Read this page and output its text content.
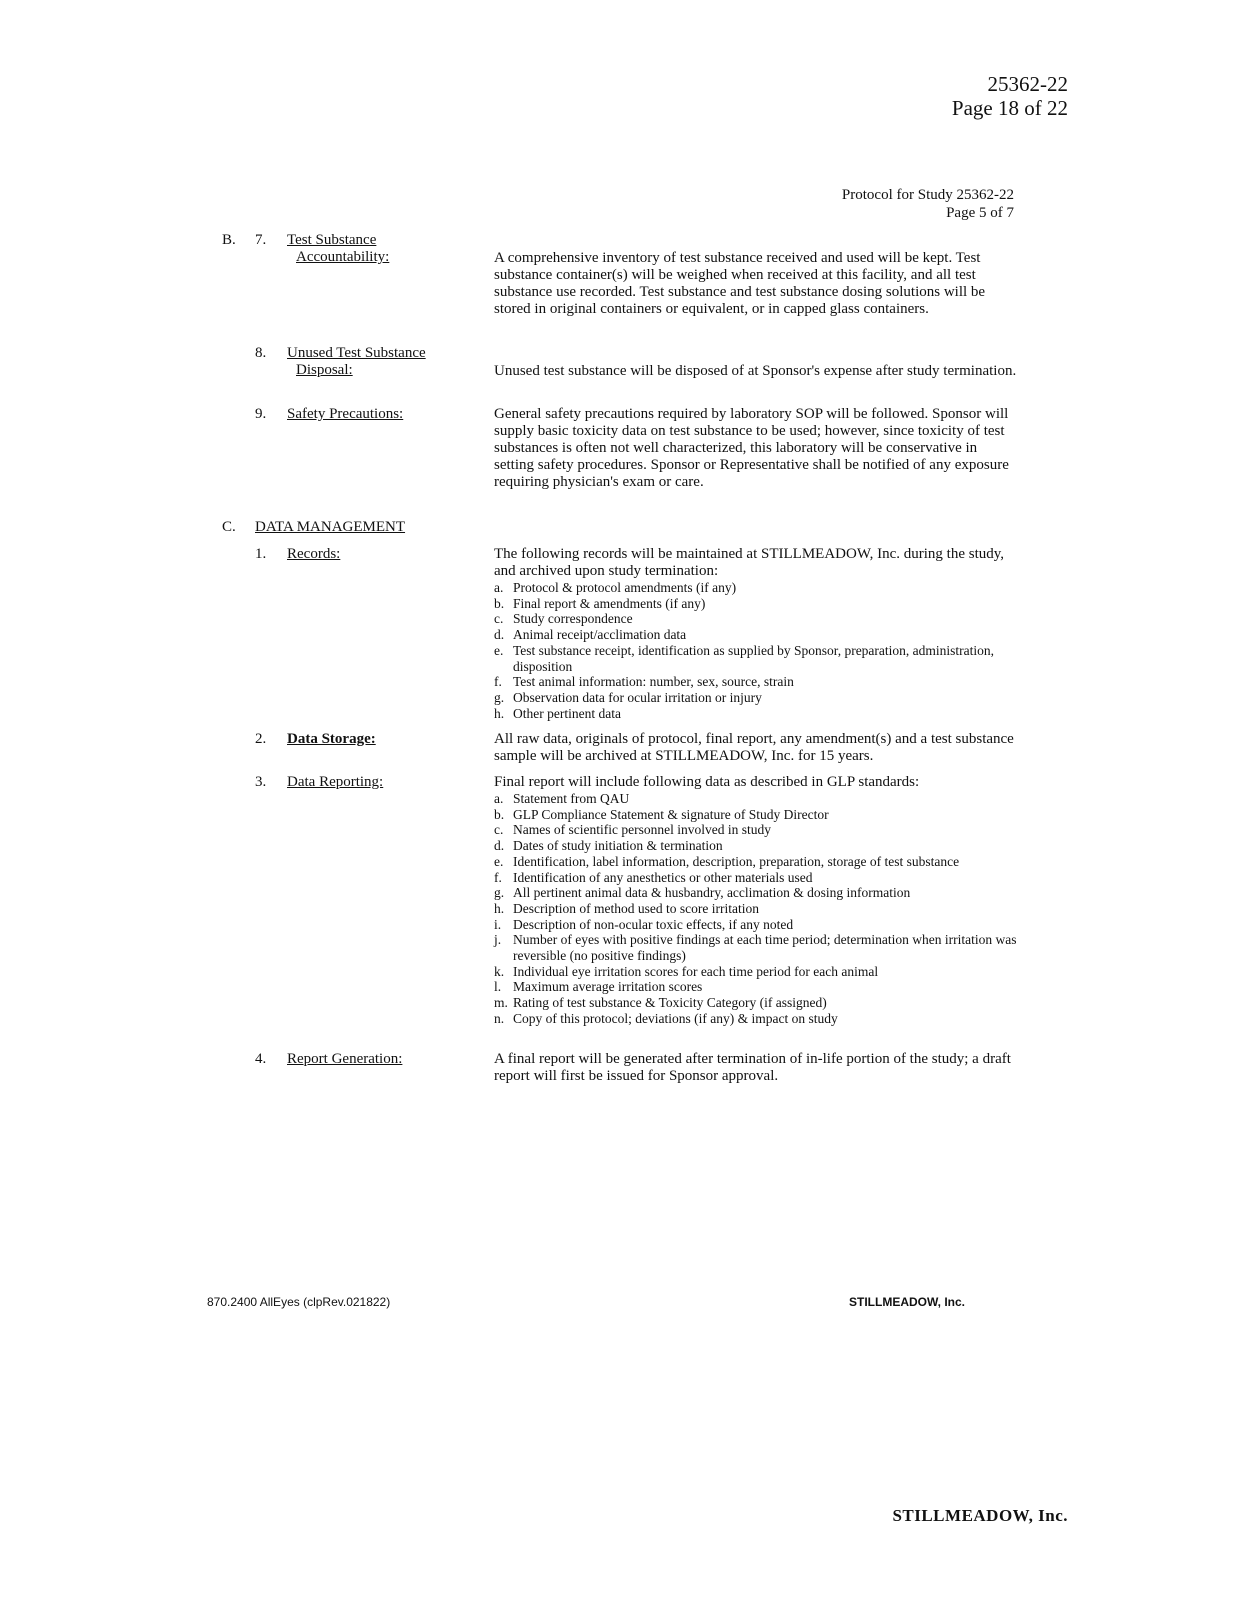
25362-22
Page 18 of 22
Protocol for Study 25362-22
Page 5 of 7
B. 7. Test Substance
Accountability:	A comprehensive inventory of test substance received and used will be kept. Test substance container(s) will be weighed when received at this facility, and all test substance use recorded. Test substance and test substance dosing solutions will be stored in original containers or equivalent, or in capped glass containers.
8. Unused Test Substance
Disposal:	Unused test substance will be disposed of at Sponsor's expense after study termination.
9. Safety Precautions:	General safety precautions required by laboratory SOP will be followed. Sponsor will supply basic toxicity data on test substance to be used; however, since toxicity of test substances is often not well characterized, this laboratory will be conservative in setting safety procedures. Sponsor or Representative shall be notified of any exposure requiring physician's exam or care.
C. DATA MANAGEMENT
1. Records:	The following records will be maintained at STILLMEADOW, Inc. during the study, and archived upon study termination:
a. Protocol & protocol amendments (if any)
b. Final report & amendments (if any)
c. Study correspondence
d. Animal receipt/acclimation data
e. Test substance receipt, identification as supplied by Sponsor, preparation, administration, disposition
f. Test animal information: number, sex, source, strain
g. Observation data for ocular irritation or injury
h. Other pertinent data
2. Data Storage:	All raw data, originals of protocol, final report, any amendment(s) and a test substance sample will be archived at STILLMEADOW, Inc. for 15 years.
3. Data Reporting:	Final report will include following data as described in GLP standards:
a. Statement from QAU
b. GLP Compliance Statement & signature of Study Director
c. Names of scientific personnel involved in study
d. Dates of study initiation & termination
e. Identification, label information, description, preparation, storage of test substance
f. Identification of any anesthetics or other materials used
g. All pertinent animal data & husbandry, acclimation & dosing information
h. Description of method used to score irritation
i. Description of non-ocular toxic effects, if any noted
j. Number of eyes with positive findings at each time period; determination when irritation was reversible (no positive findings)
k. Individual eye irritation scores for each time period for each animal
l. Maximum average irritation scores
m. Rating of test substance & Toxicity Category (if assigned)
n. Copy of this protocol; deviations (if any) & impact on study
4. Report Generation:	A final report will be generated after termination of in-life portion of the study; a draft report will first be issued for Sponsor approval.
870.2400 AllEyes (clpRev.021822)	STILLMEADOW, Inc.
STILLMEADOW, Inc.
